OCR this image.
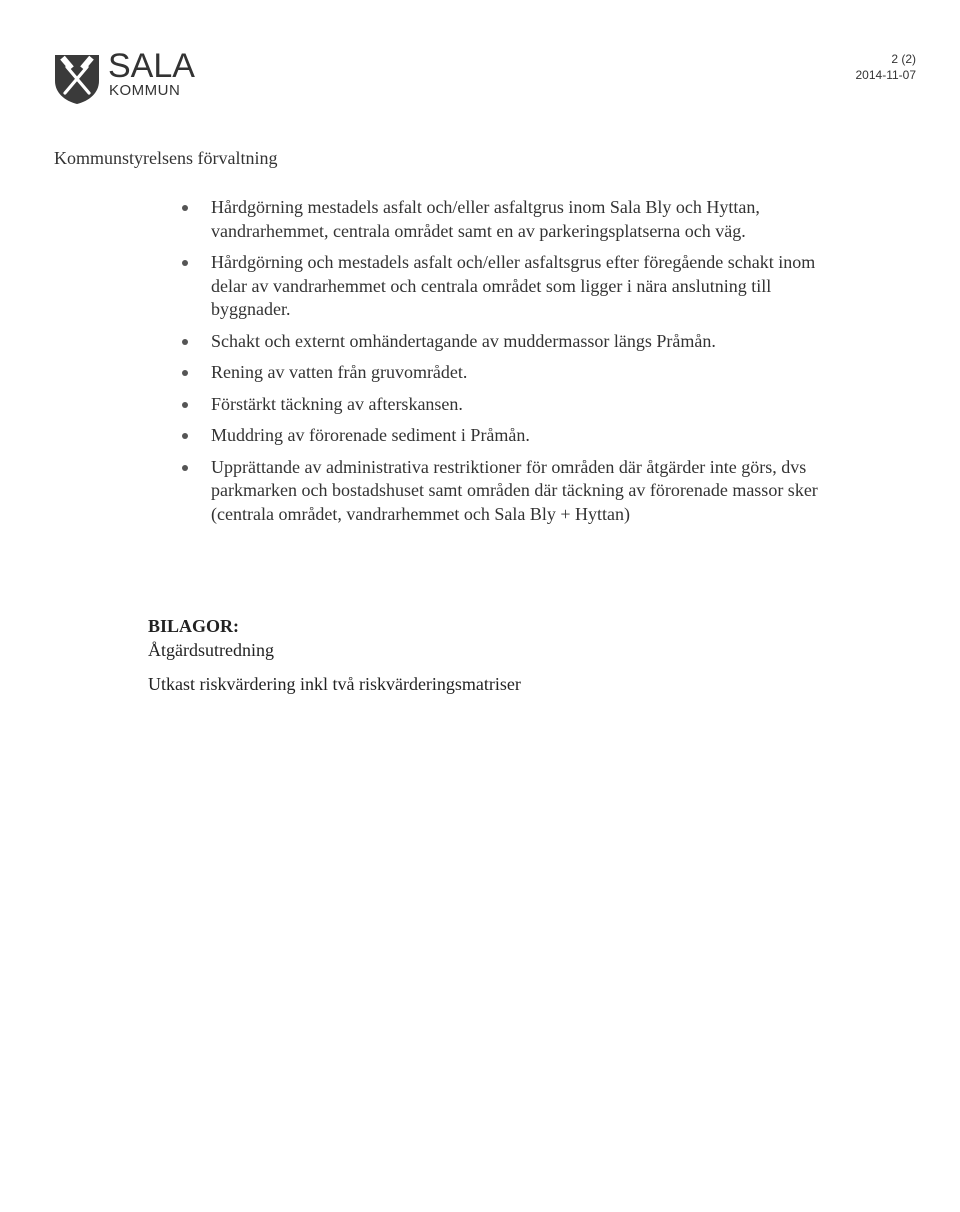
SALA
KOMMUN
2 (2)
2014-11-07
Kommunstyrelsens förvaltning
Hårdgörning mestadels asfalt och/eller asfaltgrus inom Sala Bly och Hyttan, vandrarhemmet, centrala området samt en av parkeringsplatserna och väg.
Hårdgörning och mestadels asfalt och/eller asfaltsgrus efter föregående schakt inom delar av vandrarhemmet och centrala området som ligger i nära anslutning till byggnader.
Schakt och externt omhändertagande av muddermassor längs Pråmån.
Rening av vatten från gruvområdet.
Förstärkt täckning av afterskansen.
Muddring av förorenade sediment i Pråmån.
Upprättande av administrativa restriktioner för områden där åtgärder inte görs, dvs parkmarken och bostadshuset samt områden där täckning av förorenade massor sker (centrala området, vandrarhemmet och Sala Bly + Hyttan)
BILAGOR:
Åtgärdsutredning
Utkast riskvärdering inkl två riskvärderingsmatriser
